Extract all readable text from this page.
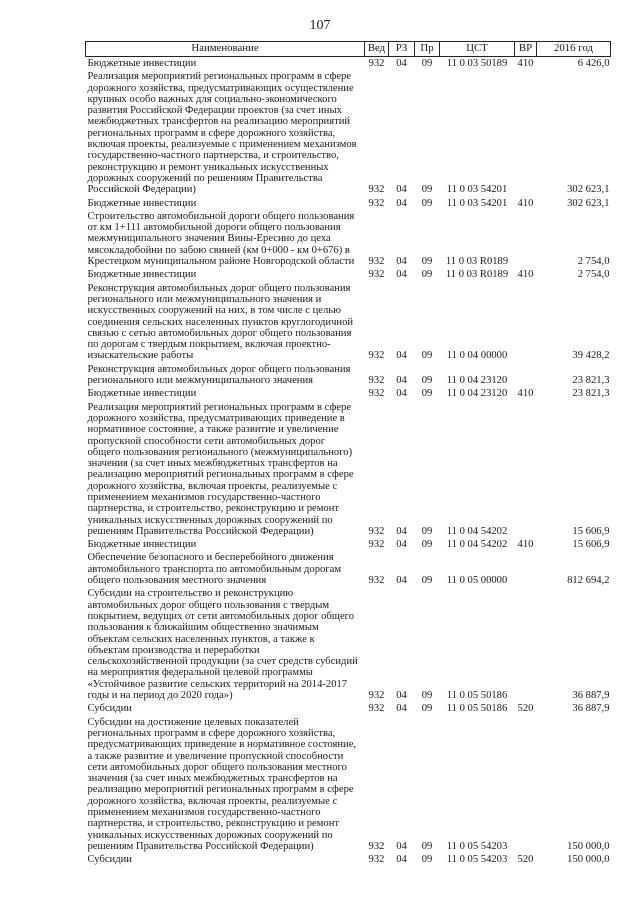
107
Наименование	Вед	РЗ	Пр	ЦСТ	ВР	2016 год
Бюджетные инвестиции	932	04	09	11 0 03 50189	410	6 426,0
Реализация мероприятий региональных программ в сфере дорожного хозяйства, предусматривающих осуществление крупных особо важных для социально-экономического развития Российской Федерации проектов (за счет иных межбюджетных трансфертов на реализацию мероприятий региональных программ в сфере дорожного хозяйства, включая проекты, реализуемые с применением механизмов государственно-частного партнерства, и строительство, реконструкцию и ремонт уникальных искусственных дорожных сооружений по решениям Правительства Российской Федерации)	932	04	09	11 0 03 54201		302 623,1
Бюджетные инвестиции	932	04	09	11 0 03 54201	410	302 623,1
Строительство автомобильной дороги общего пользования от км 1+111 автомобильной дороги общего пользования межмуниципального значения Вины-Ересино до цеха мясокладобойни по забою свиней (км 0+000 - км 0+676) в Крестецком муниципальном районе Новгородской области	932	04	09	11 0 03 R0189		2 754,0
Бюджетные инвестиции	932	04	09	11 0 03 R0189	410	2 754,0
Реконструкция автомобильных дорог общего пользования регионального или межмуниципального значения и искусственных сооружений на них, в том числе с целью соединения сельских населенных пунктов круглогодичной связью с сетью автомобильных дорог общего пользования по дорогам с твердым покрытием, включая проектно-изыскательские работы	932	04	09	11 0 04 00000		39 428,2
Реконструкция автомобильных дорог общего пользования регионального или межмуниципального значения	932	04	09	11 0 04 23120		23 821,3
Бюджетные инвестиции	932	04	09	11 0 04 23120	410	23 821,3
Реализация мероприятий региональных программ в сфере дорожного хозяйства, предусматривающих приведение в нормативное состояние, а также развитие и увеличение пропускной способности сети автомобильных дорог общего пользования регионального (межмуниципального) значения (за счет иных межбюджетных трансфертов на реализацию мероприятий региональных программ в сфере дорожного хозяйства, включая проекты, реализуемые с применением механизмов государственно-частного партнерства, и строительство, реконструкцию и ремонт уникальных искусственных дорожных сооружений по решениям Правительства Российской Федерации)	932	04	09	11 0 04 54202		15 606,9
Бюджетные инвестиции	932	04	09	11 0 04 54202	410	15 606,9
Обеспечение безопасного и бесперебойного движения автомобильного транспорта по автомобильным дорогам общего пользования местного значения	932	04	09	11 0 05 00000		812 694,2
Субсидии на строительство и реконструкцию автомобильных дорог общего пользования с твердым покрытием, ведущих от сети автомобильных дорог общего пользования к ближайшим общественно значимым объектам сельских населенных пунктов, а также к объектам производства и переработки сельскохозяйственной продукции (за счет средств субсидий на мероприятия федеральной целевой программы «Устойчивое развитие сельских территорий на 2014-2017 годы и на период до 2020 года»)	932	04	09	11 0 05 50186		36 887,9
Субсидии	932	04	09	11 0 05 50186	520	36 887,9
Субсидии на достижение целевых показателей региональных программ в сфере дорожного хозяйства, предусматривающих приведение в нормативное состояние, а также развитие и увеличение пропускной способности сети автомобильных дорог общего пользования местного значения (за счет иных межбюджетных трансфертов на реализацию мероприятий региональных программ в сфере дорожного хозяйства, включая проекты, реализуемые с применением механизмов государственно-частного партнерства, и строительство, реконструкцию и ремонт уникальных искусственных дорожных сооружений по решениям Правительства Российской Федерации)	932	04	09	11 0 05 54203		150 000,0
Субсидии	932	04	09	11 0 05 54203	520	150 000,0
